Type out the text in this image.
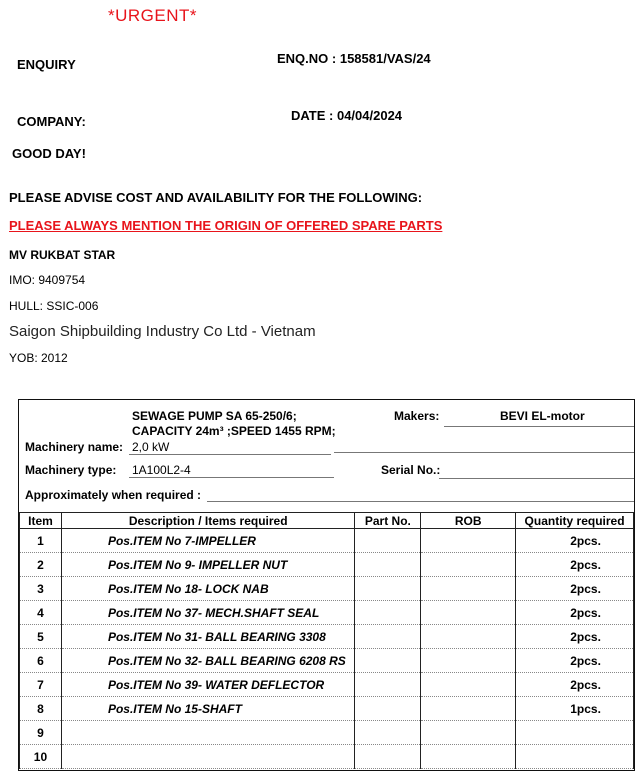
*URGENT*
ENQUIRY	ENQ.NO : 158581/VAS/24
COMPANY:	DATE : 04/04/2024
GOOD DAY!
PLEASE ADVISE COST AND AVAILABILITY FOR THE FOLLOWING:
PLEASE ALWAYS MENTION THE ORIGIN OF OFFERED SPARE PARTS
MV RUKBAT STAR
IMO: 9409754
HULL: SSIC-006
Saigon Shipbuilding Industry Co Ltd - Vietnam
YOB: 2012
SEWAGE PUMP SA 65-250/6;
CAPACITY 24m³ ;SPEED 1455 RPM;
2,0 kW
Machinery name:
Makers:	BEVI EL-motor
Machinery type: 1A100L2-4	Serial No.:
Approximately when required :
Item	Description / Items required	Part No.	ROB	Quantity required
1	Pos.ITEM No 7-IMPELLER			2pcs.
2	Pos.ITEM No 9- IMPELLER NUT			2pcs.
3	Pos.ITEM No 18- LOCK NAB			2pcs.
4	Pos.ITEM No 37- MECH.SHAFT SEAL			2pcs.
5	Pos.ITEM No 31- BALL BEARING 3308			2pcs.
6	Pos.ITEM No 32- BALL BEARING 6208 RS			2pcs.
7	Pos.ITEM No 39- WATER DEFLECTOR			2pcs.
8	Pos.ITEM No 15-SHAFT			1pcs.
9				
10				
